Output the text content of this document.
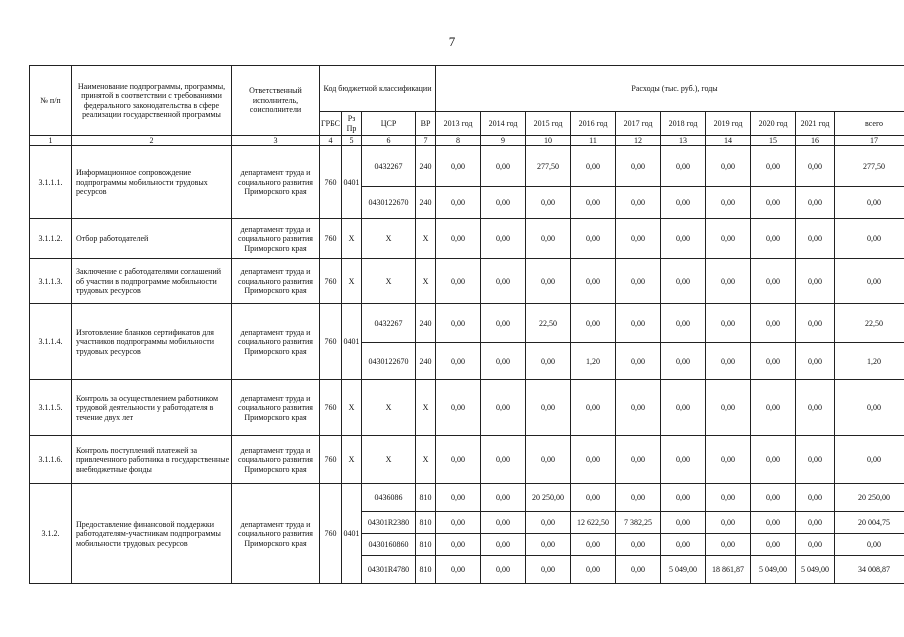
7
№ п/п	Наименование подпрограммы, программы, принятой в соответствии с требованиями федерального законодательства в сфере реализации государственной программы	Ответственный исполнитель, соисполнители	Код бюджетной классификации				Расходы (тыс. руб.), годы									
			ГРБС	Рз Пр	ЦСР	ВР	2013 год	2014 год	2015 год	2016 год	2017 год	2018 год	2019 год	2020 год	2021 год	всего
1	2	3	4	5	6	7	8	9	10	11	12	13	14	15	16	17
3.1.1.1.	Информационное сопровождение подпрограммы мобильности трудовых ресурсов	департамент труда и социального развития Приморского края	760	0401	0432267	240	0,00	0,00	277,50	0,00	0,00	0,00	0,00	0,00	0,00	277,50
					0430122670	240	0,00	0,00	0,00	0,00	0,00	0,00	0,00	0,00	0,00	0,00
3.1.1.2.	Отбор работодателей	департамент труда и социального развития Приморского края	760	X	X	X	0,00	0,00	0,00	0,00	0,00	0,00	0,00	0,00	0,00	0,00
3.1.1.3.	Заключение с работодателями соглашений об участии в подпрограмме мобильности трудовых ресурсов	департамент труда и социального развития Приморского края	760	X	X	X	0,00	0,00	0,00	0,00	0,00	0,00	0,00	0,00	0,00	0,00
3.1.1.4.	Изготовление бланков сертификатов для участников подпрограммы мобильности трудовых ресурсов	департамент труда и социального развития Приморского края	760	0401	0432267	240	0,00	0,00	22,50	0,00	0,00	0,00	0,00	0,00	0,00	22,50
					0430122670	240	0,00	0,00	0,00	1,20	0,00	0,00	0,00	0,00	0,00	1,20
3.1.1.5.	Контроль за осуществлением работником трудовой деятельности у работодателя в течение двух лет	департамент труда и социального развития Приморского края	760	X	X	X	0,00	0,00	0,00	0,00	0,00	0,00	0,00	0,00	0,00	0,00
3.1.1.6.	Контроль поступлений платежей за привлеченного работника в государственные внебюджетные фонды	департамент труда и социального развития Приморского края	760	X	X	X	0,00	0,00	0,00	0,00	0,00	0,00	0,00	0,00	0,00	0,00
3.1.2.	Предоставление финансовой поддержки работодателям-участникам подпрограммы мобильности трудовых ресурсов	департамент труда и социального развития Приморского края	760	0401	0436086	810	0,00	0,00	20 250,00	0,00	0,00	0,00	0,00	0,00	0,00	20 250,00
					04301R2380	810	0,00	0,00	0,00	12 622,50	7 382,25	0,00	0,00	0,00	0,00	20 004,75
					0430160860	810	0,00	0,00	0,00	0,00	0,00	0,00	0,00	0,00	0,00	0,00
					04301R4780	810	0,00	0,00	0,00	0,00	0,00	5 049,00	18 861,87	5 049,00	5 049,00	34 008,87
